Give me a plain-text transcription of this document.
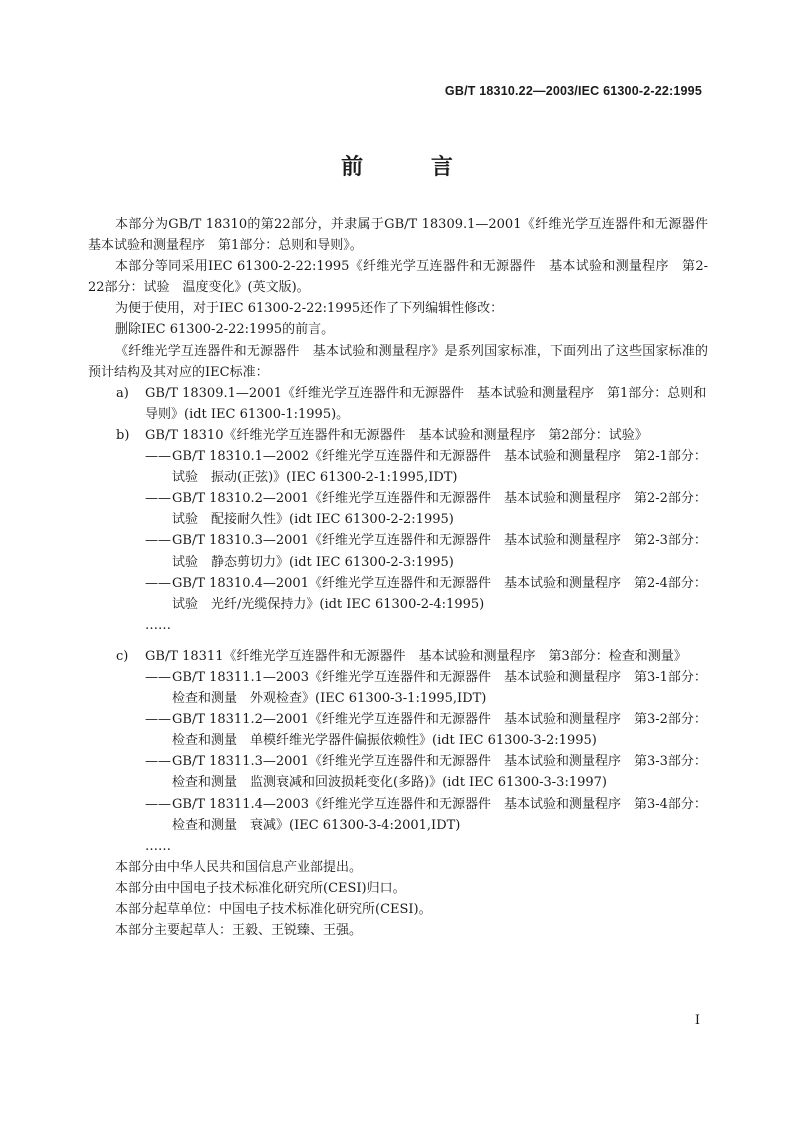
GB/T 18310.22—2003/IEC 61300-2-22:1995
前 言

本部分为GB/T 18310的第22部分，并隶属于GB/T 18309.1—2001《纤维光学互连器件和无源器件　基本试验和测量程序　第1部分：总则和导则》。

本部分等同采用IEC 61300-2-22:1995《纤维光学互连器件和无源器件　基本试验和测量程序　第2-22部分：试验　温度变化》(英文版)。

为便于使用，对于IEC 61300-2-22:1995还作了下列编辑性修改：

删除IEC 61300-2-22:1995的前言。

《纤维光学互连器件和无源器件　基本试验和测量程序》是系列国家标准，下面列出了这些国家标准的预计结构及其对应的IEC标准：

a) GB/T 18309.1—2001《纤维光学互连器件和无源器件　基本试验和测量程序　第1部分：总则和导则》(idt IEC 61300-1:1995)。

b) GB/T 18310《纤维光学互连器件和无源器件　基本试验和测量程序　第2部分：试验》

—— GB/T 18310.1—2002《纤维光学互连器件和无源器件　基本试验和测量程序　第2-1部分：试验　振动(正弦)》(IEC 61300-2-1:1995,IDT)

—— GB/T 18310.2—2001《纤维光学互连器件和无源器件　基本试验和测量程序　第2-2部分：试验　配接耐久性》(idt IEC 61300-2-2:1995)

—— GB/T 18310.3—2001《纤维光学互连器件和无源器件　基本试验和测量程序　第2-3部分：试验　静态剪切力》(idt IEC 61300-2-3:1995)

—— GB/T 18310.4—2001《纤维光学互连器件和无源器件　基本试验和测量程序　第2-4部分：试验　光纤/光缆保持力》(idt IEC 61300-2-4:1995)

……

c) GB/T 18311《纤维光学互连器件和无源器件　基本试验和测量程序　第3部分：检查和测量》

—— GB/T 18311.1—2003《纤维光学互连器件和无源器件　基本试验和测量程序　第3-1部分：检查和测量　外观检查》(IEC 61300-3-1:1995,IDT)

—— GB/T 18311.2—2001《纤维光学互连器件和无源器件　基本试验和测量程序　第3-2部分：检查和测量　单模纤维光学器件偏振依赖性》(idt IEC 61300-3-2:1995)

—— GB/T 18311.3—2001《纤维光学互连器件和无源器件　基本试验和测量程序　第3-3部分：检查和测量　监测衰减和回波损耗变化(多路)》(idt IEC 61300-3-3:1997)

—— GB/T 18311.4—2003《纤维光学互连器件和无源器件　基本试验和测量程序　第3-4部分：检查和测量　衰减》(IEC 61300-3-4:2001,IDT)

……

本部分由中华人民共和国信息产业部提出。

本部分由中国电子技术标准化研究所(CESI)归口。

本部分起草单位：中国电子技术标准化研究所(CESI)。

本部分主要起草人：王毅、王锐臻、王强。

I
